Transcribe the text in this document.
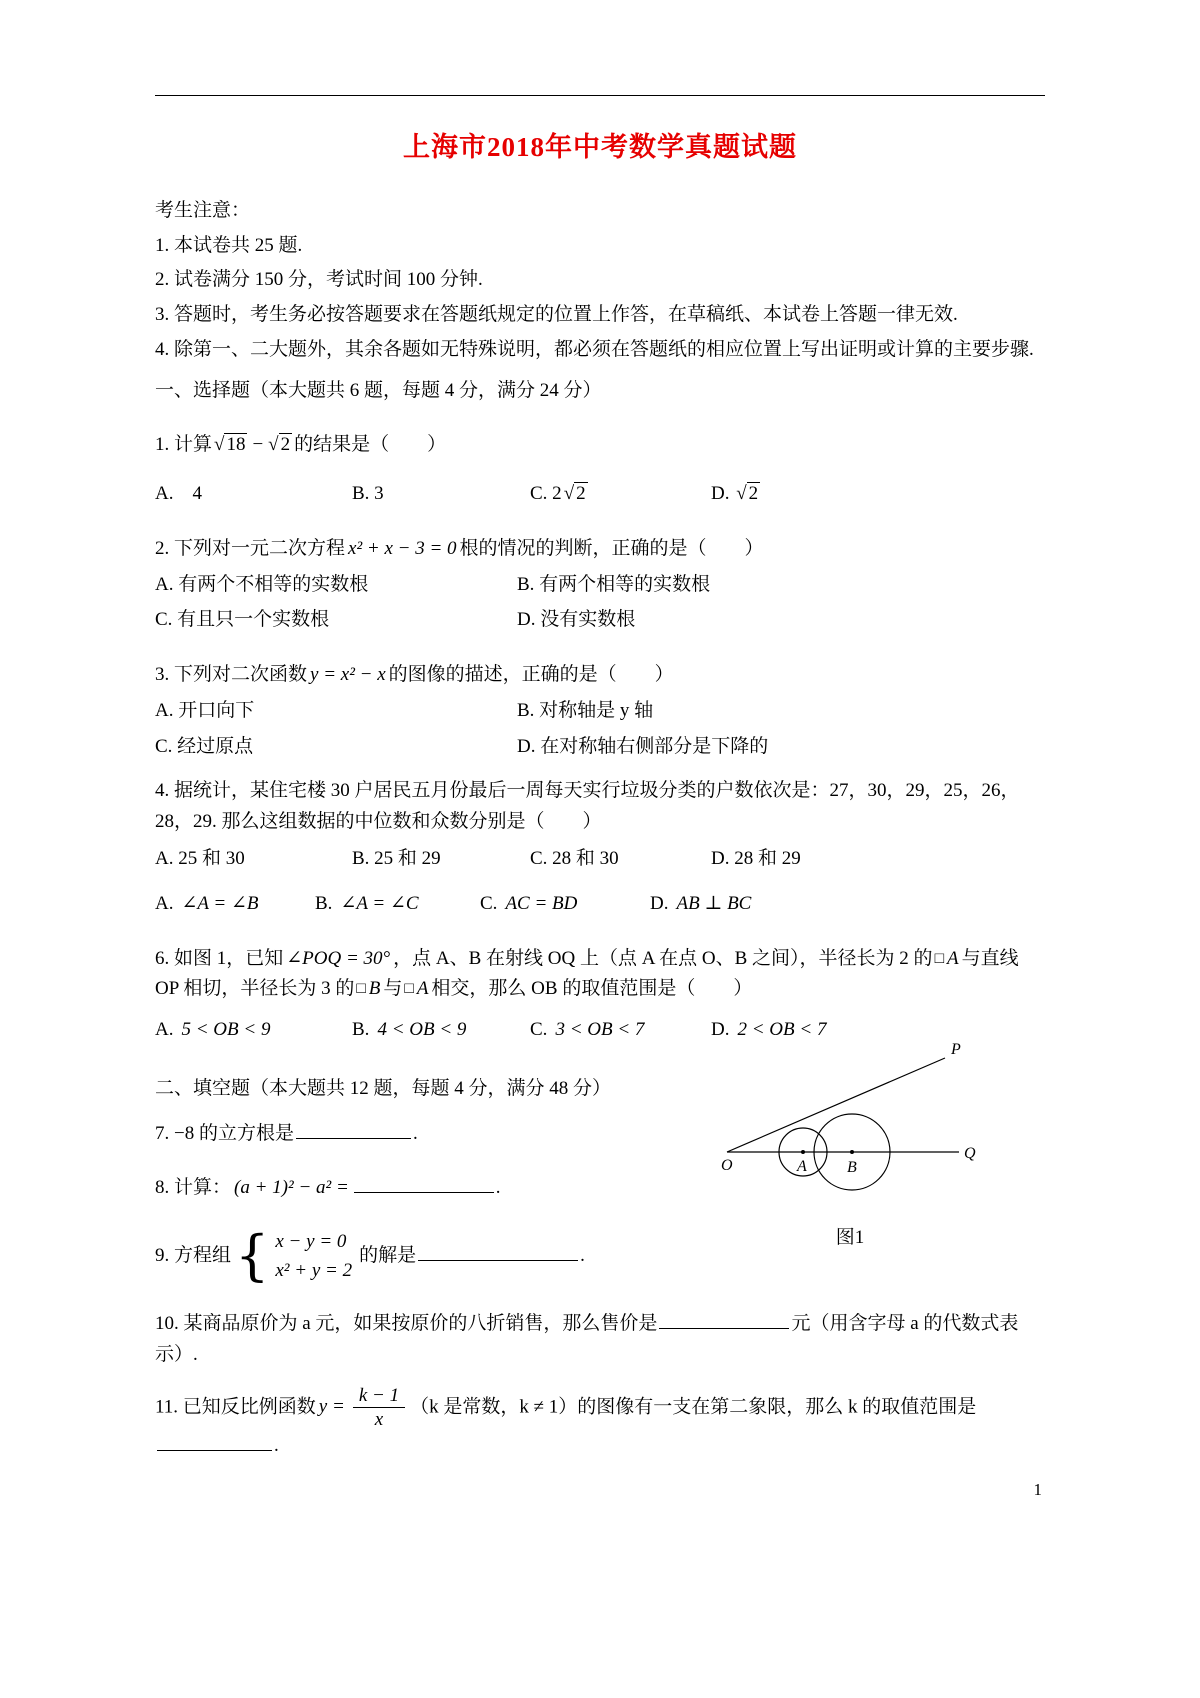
上海市2018年中考数学真题试题

考生注意：

1. 本试卷共 25 题.

2. 试卷满分 150 分，考试时间 100 分钟.

3. 答题时，考生务必按答题要求在答题纸规定的位置上作答，在草稿纸、本试卷上答题一律无效.

4. 除第一、二大题外，其余各题如无特殊说明，都必须在答题纸的相应位置上写出证明或计算的主要步骤.

一、选择题（本大题共 6 题，每题 4 分，满分 24 分）

1. 计算 √ 18 − √ 2 的结果是（　　）

A.　4	B. 3	C. 2 √ 2	D. √ 2

2. 下列对一元二次方程 x² + x − 3 = 0 根的情况的判断，正确的是（　　）

A. 有两个不相等的实数根	B. 有两个相等的实数根
C. 有且只一个实数根	D. 没有实数根

3. 下列对二次函数 y = x² − x 的图像的描述，正确的是（　　）

A. 开口向下	B. 对称轴是 y 轴
C. 经过原点	D. 在对称轴右侧部分是下降的

4. 据统计，某住宅楼 30 户居民五月份最后一周每天实行垃圾分类的户数依次是：27，30，29，25，26，28，29. 那么这组数据的中位数和众数分别是（　　）

A. 25 和 30	B. 25 和 29	C. 28 和 30	D. 28 和 29
A. ∠A = ∠B	B. ∠A = ∠C	C. AC = BD	D. AB ⊥ BC

6. 如图 1，已知 ∠POQ = 30° ，点 A、B 在射线 OQ 上（点 A 在点 O、B 之间），半径长为 2 的 □ A 与直线 OP 相切，半径长为 3 的 □ B 与 □ A 相交，那么 OB 的取值范围是（　　）

A. 5 < OB < 9	B. 4 < OB < 9	C. 3 < OB < 7	D. 2 < OB < 7
P
O	A	B
Q
图1

二、填空题（本大题共 12 题，每题 4 分，满分 48 分）

7. −8 的立方根是	.

8. 计算： (a + 1)² − a² =	.

9. 方程组 { x − y = 0
x² + y = 2
的解是	.

10. 某商品原价为 a 元，如果按原价的八折销售，那么售价是	元（用含字母 a 的代数式表示）.

11. 已知反比例函数 $y = \frac{k - 1}{x} (k$ 是常数，k ≠ 1）的图像有一支在第二象限，那么 k 的取值范围是.

1
